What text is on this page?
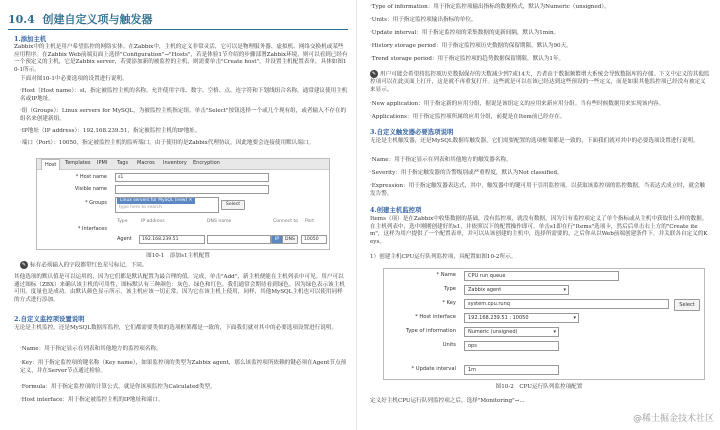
10.4 创建自定义项与触发器
1.添加主机

Zabbix中的主机是用户希望监控的网络实体。在Zabbix中，主机的定义非常灵活，它可以是物理服务器、虚拟机、网络交换机或某些应用程序。在Zabbix Web前端页面上选择"Configuration"→"Hosts"，若是体验1节介绍的步骤部署Zabbix环境，则可以看到已经有一个预定义的主机，它是Zabbix server，若要添加新的被监控的主机，则需要单击"Create host"，并设置主机配置表单，具体如图10-1所示。

下面对图10-1中必要选项的设置进行说明。

·Host（Host name）：sl，指定被监控主机的名称。允许使用字母、数字、空格、点、连字符和下划线组合名称，通常建议使用主机名或IP地址。

·组（Groups）：Linux servers for MySQL，为被监控主机指定组。单击"Select"按钮选择一个或几个现有组，或者输入不存在的组名来创建新组。

·IP地址（IP address）：192.168.239.51，指定被监控主机的IP地址。

·端口（Port）：10050，指定被监控主机的监听端口，由于使用的是Zabbix代理协议，因此地要会连接使用默认端口。

Host	Templates IPMI Tags Macros Inventory Encryption
* Host name	s1
Visible name
* Groups	Linux servers for MySQL (new) ✕
type here to search
Select
* Interfaces
Type	IP address	DNS name	Connect to Port
Agent	192.168.239.51	IP	DNS	10050
图10-1　添加s1主机配置
✎ 标有必须输入的字段都带红色星号标记，下同。

其他选项的默认值是可以运用的，因为它们都是默认配置为最合理的值。完成，单击"Add"，新主机便能在主机列表中可见。用户可以通过图标（ZBX）来确认该主机的可用性，图标默认有三种颜色：灰色、绿色和红色。我们通常会期待看到绿色。因为绿色表示该主机可用。度量也是成功。由默认颜色显示所示，该主机应该一切正常，因为它在该主机上使用，同样，其他MySQL主机也可以使用同样的方式进行添加。

2.自定义监控项设置说明

无论是主机监控，还是MySQL数据库监控，它们都需要类似的选项框架都是一致的，下面我们就对其中的必要选项设置进行说明。

·Name：用于指定显示在列表和其他地方的监控项名称。

·Key：用于指定监控项的键名称（Key name），如果监控项的类型为Zabbix agent，那么该监控项所依赖的键必须在Agent节点预定义，并在Server节点通过检验。

·Formula：用于指定监控项的计算公式，就是你该项监控为Calculated类型。

·Host interface：用于指定被监控主机的IP地址和端口。

·Type of information：用于指定监控项输出指标的数据格式，默认为Numeric（unsigned）。

·Units：用于指定监控项输出指标的单位。

·Update interval：用于指定监控项的采集数据的更新间隔，默认为1min。

·History storage period：用于指定监控项历史数据的保留期限，默认为90天。

·Trend storage period：用于指定监控项的趋势数据保留期限，默认为1年。

✎ 用户可能会希望将监控项历史数据保存的天数减少到7或14天，否者由于数据频繁增大系统会导致数据库的存储。下文中定义的其他监控项可以在此页面上打开，这是就不再重复打开。这些就是可以在该已经达到这些预设的一些定义，而是如果其他监控项已经没有被定义来显示。

·New application：用于指定新的应用分组，据说是该组定义的应用来新应用分组。当有些时候数据用来实现该内容。

·Applications：用于指定监控项所属的应用分组，前提是在Item前已经存在。

3.自定义触发器必要选项说明

无论是主机触发器，还是MySQL数据库触发器，它们需要配置的选项框架都是一致的，下面我们就对其中的必要选项设置进行说明。

·Name：用于指定显示在列表和其他地方的触发器名称。

·Severity：用于指定触发器的告警级别或严重程度，默认为Not classified。

·Expression：用于指定触发器表达式，其中，触发器中的键可用于引用监控项，以获取该监控项的监控数据，当表达式成立时，就会触发告警。

4.创建主机监控项

Items（项）是在Zabbix中收集数据的基础，没有监控项，就没有数据，因为只有监控项定义了单个指标或从主机中获取什么样的数据。在主机列表中，选中刚刚创建好的s1，并依照以下的配置操作即可。单击s1即在行"Items"选项卡，然后后单击右上方的"Create item"，这样为用户提供了一个配置表单，并可以从该创建的主机中，选择所需要的，之后你从以Web前端创建条件下，并关联各自定义的Keys。

1）创建主机CPU运行队列监控项，具配置如图10-2所示。

* Name	CPU run queue
Type	Zabbix agent	▾
* Key	system.cpu.runq	Select
* Host interface	192.168.239.51 : 10050	▾
Type of information	Numeric (unsigned)	▾
Units	ops
* Update interval	1m
图10-2　CPU运行队列监控项配置

定义好主机CPU运行队列监控项之后，选择"Monitoring"→...

@稀土掘金技术社区
